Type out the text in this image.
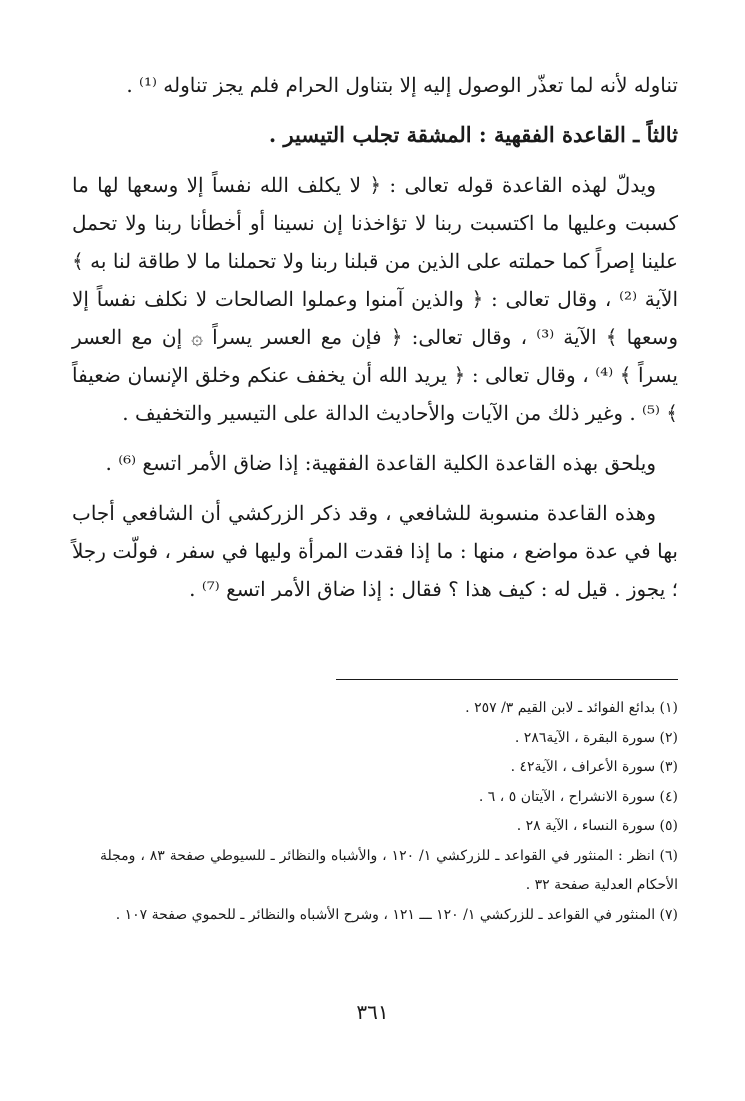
تناوله لأنه لما تعذّر الوصول إليه إلا بتناول الحرام فلم يجز تناوله ⁽¹⁾ .

ثالثاً ـ القاعدة الفقهية : المشقة تجلب التيسير .

ويدلّ لهذه القاعدة قوله تعالى : ﴿ لا يكلف الله نفساً إلا وسعها لها ما كسبت وعليها ما اكتسبت ربنا لا تؤاخذنا إن نسينا أو أخطأنا ربنا ولا تحمل علينا إصراً كما حملته على الذين من قبلنا ربنا ولا تحملنا ما لا طاقة لنا به ﴾ الآية ⁽²⁾ ، وقال تعالى : ﴿ والذين آمنوا وعملوا الصالحات لا نكلف نفساً إلا وسعها ﴾ الآية ⁽³⁾ ، وقال تعالى: ﴿ فإن مع العسر يسراً ۞ إن مع العسر يسراً ﴾ ⁽⁴⁾ ، وقال تعالى : ﴿ يريد الله أن يخفف عنكم وخلق الإنسان ضعيفاً ﴾ ⁽⁵⁾ . وغير ذلك من الآيات والأحاديث الدالة على التيسير والتخفيف .

ويلحق بهذه القاعدة الكلية القاعدة الفقهية: إذا ضاق الأمر اتسع ⁽⁶⁾ .

وهذه القاعدة منسوبة للشافعي ، وقد ذكر الزركشي أن الشافعي أجاب بها في عدة مواضع ، منها : ما إذا فقدت المرأة وليها في سفر ، فولّت رجلاً ؛ يجوز . قيل له : كيف هذا ؟ فقال : إذا ضاق الأمر اتسع ⁽⁷⁾ .

(١) بدائع الفوائد ـ لابن القيم ٣/ ٢٥٧ .

(٢) سورة البقرة ، الآية٢٨٦ .

(٣) سورة الأعراف ، الآية٤٢ .

(٤) سورة الانشراح ، الآيتان ٥ ، ٦ .

(٥) سورة النساء ، الآية ٢٨ .

(٦) انظر : المنثور في القواعد ـ للزركشي ١/ ١٢٠ ، والأشباه والنظائر ـ للسيوطي صفحة ٨٣ ، ومجلة الأحكام العدلية صفحة ٣٢ .

(٧) المنثور في القواعد ـ للزركشي ١/ ١٢٠ ـــ ١٢١ ، وشرح الأشباه والنظائر ـ للحموي صفحة ١٠٧ .

٣٦١
